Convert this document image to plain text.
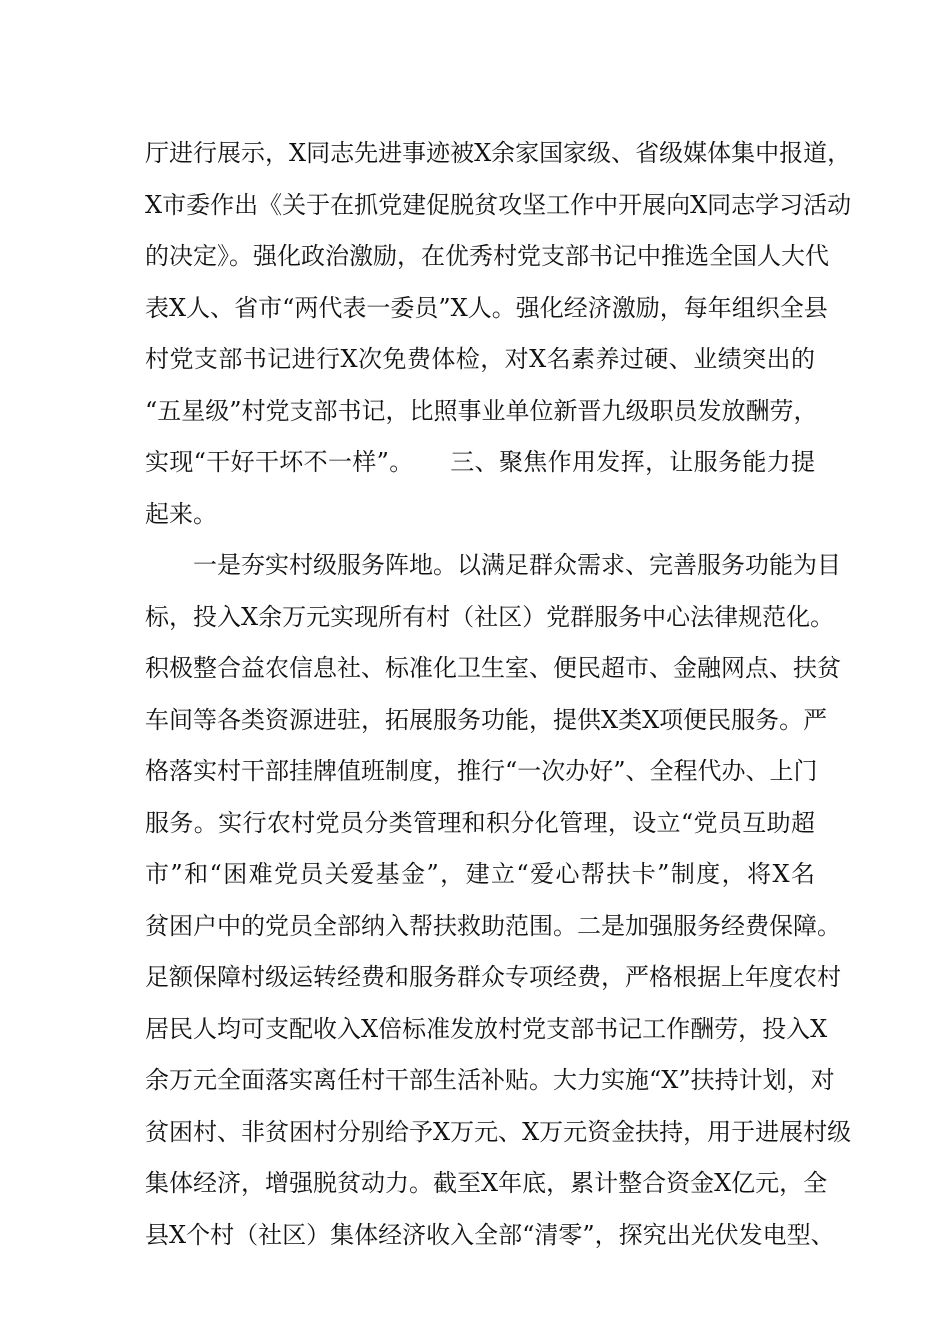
厅进行展示，X同志先进事迹被X余家国家级、省级媒体集中报道，
X市委作出《关于在抓党建促脱贫攻坚工作中开展向X同志学习活动
的决定》。强化政治激励，在优秀村党支部书记中推选全国人大代
表X人、省市“两代表一委员”X人。强化经济激励，每年组织全县
村党支部书记进行X次免费体检，对X名素养过硬、业绩突出的
“五星级”村党支部书记，比照事业单位新晋九级职员发放酬劳，
实现“干好干坏不一样”。　　三、聚焦作用发挥，让服务能力提
起来。
　　一是夯实村级服务阵地。以满足群众需求、完善服务功能为目
标，投入X余万元实现所有村（社区）党群服务中心法律规范化。
积极整合益农信息社、标准化卫生室、便民超市、金融网点、扶贫
车间等各类资源进驻，拓展服务功能，提供X类X项便民服务。严
格落实村干部挂牌值班制度，推行“一次办好”、全程代办、上门
服务。实行农村党员分类管理和积分化管理，设立“党员互助超
市”和“困难党员关爱基金”，建立“爱心帮扶卡”制度，将X名
贫困户中的党员全部纳入帮扶救助范围。二是加强服务经费保障。
足额保障村级运转经费和服务群众专项经费，严格根据上年度农村
居民人均可支配收入X倍标准发放村党支部书记工作酬劳，投入X
余万元全面落实离任村干部生活补贴。大力实施“X”扶持计划，对
贫困村、非贫困村分别给予X万元、X万元资金扶持，用于进展村级
集体经济，增强脱贫动力。截至X年底，累计整合资金X亿元，全
县X个村（社区）集体经济收入全部“清零”，探究出光伏发电型、
